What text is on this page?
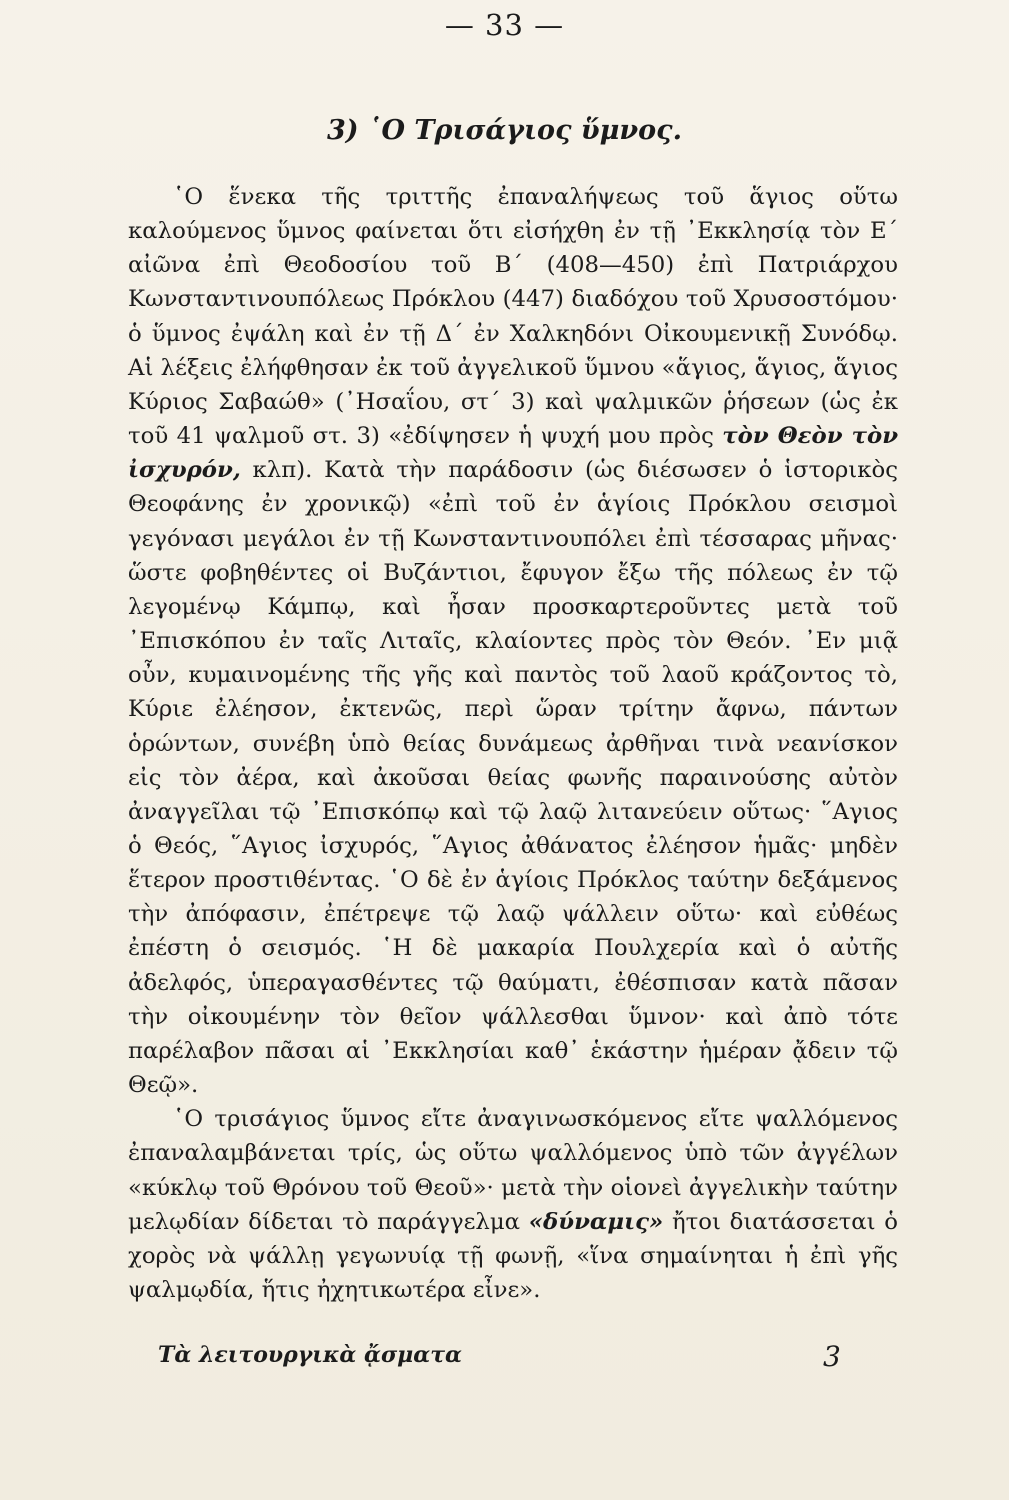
— 33 —
3) ῾Ο Τρισάγιος ὕμνος.

῾Ο ἕνεκα τῆς τριττῆς ἐπαναλήψεως τοῦ ἅγιος οὕτω καλούμενος ὕμνος φαίνεται ὅτι εἰσήχθη ἐν τῇ ᾿Εκκλησίᾳ τὸν Ε΄ αἰῶνα ἐπὶ Θεοδοσίου τοῦ Β΄ (408—450) ἐπὶ Πατριάρχου Κωνσταντινουπόλεως Πρόκλου (447) διαδόχου τοῦ Χρυσοστόμου· ὁ ὕμνος ἐψάλη καὶ ἐν τῇ Δ΄ ἐν Χαλκηδόνι Οἰκουμενικῇ Συνόδῳ. Αἱ λέξεις ἐλήφθησαν ἐκ τοῦ ἀγγελικοῦ ὕμνου «ἅγιος, ἅγιος, ἅγιος Κύριος Σαβαώθ» (᾿Ησαΐου, στ΄ 3) καὶ ψαλμικῶν ῥήσεων (ὡς ἐκ τοῦ 41 ψαλμοῦ στ. 3) «ἐδίψησεν ἡ ψυχή μου πρὸς τὸν Θεὸν τὸν ἰσχυρόν, κλπ). Κατὰ τὴν παράδοσιν (ὡς διέσωσεν ὁ ἱστορικὸς Θεοφάνης ἐν χρονικῷ) «ἐπὶ τοῦ ἐν ἁγίοις Πρόκλου σεισμοὶ γεγόνασι μεγάλοι ἐν τῇ Κωνσταντινουπόλει ἐπὶ τέσσαρας μῆνας· ὥστε φοβηθέντες οἱ Βυζάντιοι, ἔφυγον ἔξω τῆς πόλεως ἐν τῷ λεγομένῳ Κάμπῳ, καὶ ἦσαν προσκαρτεροῦντες μετὰ τοῦ ᾿Επισκόπου ἐν ταῖς Λιταῖς, κλαίοντες πρὸς τὸν Θεόν. ᾿Εν μιᾷ οὖν, κυμαινομένης τῆς γῆς καὶ παντὸς τοῦ λαοῦ κράζοντος τὸ, Κύριε ἐλέησον, ἐκτενῶς, περὶ ὥραν τρίτην ἄφνω, πάντων ὁρώντων, συνέβη ὑπὸ θείας δυνάμεως ἀρθῆναι τινὰ νεανίσκον εἰς τὸν ἀέρα, καὶ ἀκοῦσαι θείας φωνῆς παραινούσης αὐτὸν ἀναγγεῖλαι τῷ ᾿Επισκόπῳ καὶ τῷ λαῷ λιτανεύειν οὕτως· ῞Αγιος ὁ Θεός, ῞Αγιος ἰσχυρός, ῞Αγιος ἀθάνατος ἐλέησον ἡμᾶς· μηδὲν ἕτερον προστιθέντας. ῾Ο δὲ ἐν ἁγίοις Πρόκλος ταύτην δεξάμενος τὴν ἀπόφασιν, ἐπέτρεψε τῷ λαῷ ψάλλειν οὕτω· καὶ εὐθέως ἐπέστη ὁ σεισμός. ῾Η δὲ μακαρία Πουλχερία καὶ ὁ αὐτῆς ἀδελφός, ὑπεραγασθέντες τῷ θαύματι, ἐθέσπισαν κατὰ πᾶσαν τὴν οἰκουμένην τὸν θεῖον ψάλλεσθαι ὕμνον· καὶ ἀπὸ τότε παρέλαβον πᾶσαι αἱ ᾿Εκκλησίαι καθ᾿ ἑκάστην ἡμέραν ᾄδειν τῷ Θεῷ».

῾Ο τρισάγιος ὕμνος εἴτε ἀναγινωσκόμενος εἴτε ψαλλόμενος ἐπαναλαμβάνεται τρίς, ὡς οὕτω ψαλλόμενος ὑπὸ τῶν ἀγγέλων «κύκλῳ τοῦ Θρόνου τοῦ Θεοῦ»· μετὰ τὴν οἱονεὶ ἀγγελικὴν ταύτην μελῳδίαν δίδεται τὸ παράγγελμα «δύναμις» ἤτοι διατάσσεται ὁ χορὸς νὰ ψάλλῃ γεγωνυίᾳ τῇ φωνῇ, «ἵνα σημαίνηται ἡ ἐπὶ γῆς ψαλμῳδία, ἥτις ἠχητικωτέρα εἶνε».

Τὰ λειτουργικὰ ᾄσματα	3
